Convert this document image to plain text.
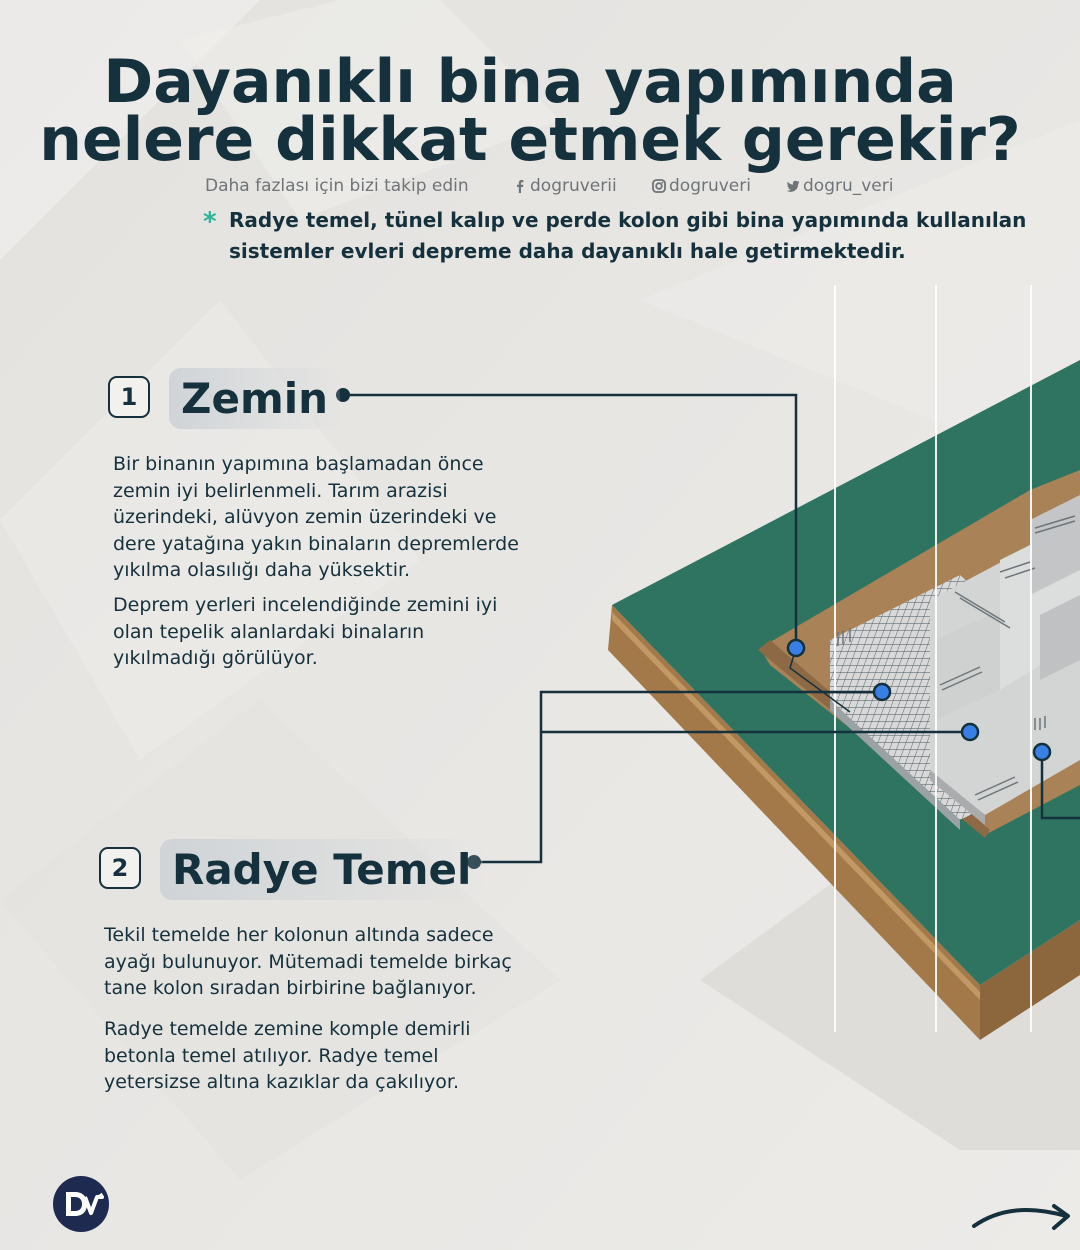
Dayanıklı bina yapımında
nelere dikkat etmek gerekir?
Daha fazlası için bizi takip edin	dogruverii	dogruveri	dogru_veri
* Radye temel, tünel kalıp ve perde kolon gibi bina yapımında kullanılan
sistemler evleri depreme daha dayanıklı hale getirmektedir.
1	Zemin
Bir binanın yapımına başlamadan önce
zemin iyi belirlenmeli. Tarım arazisi
üzerindeki, alüvyon zemin üzerindeki ve
dere yatağına yakın binaların depremlerde
yıkılma olasılığı daha yüksektir.
Deprem yerleri incelendiğinde zemini iyi
olan tepelik alanlardaki binaların
yıkılmadığı görülüyor.
2	Radye Temel
Tekil temelde her kolonun altında sadece
ayağı bulunuyor. Mütemadi temelde birkaç
tane kolon sıradan birbirine bağlanıyor.
Radye temelde zemine komple demirli
betonla temel atılıyor. Radye temel
yetersizse altına kazıklar da çakılıyor.
